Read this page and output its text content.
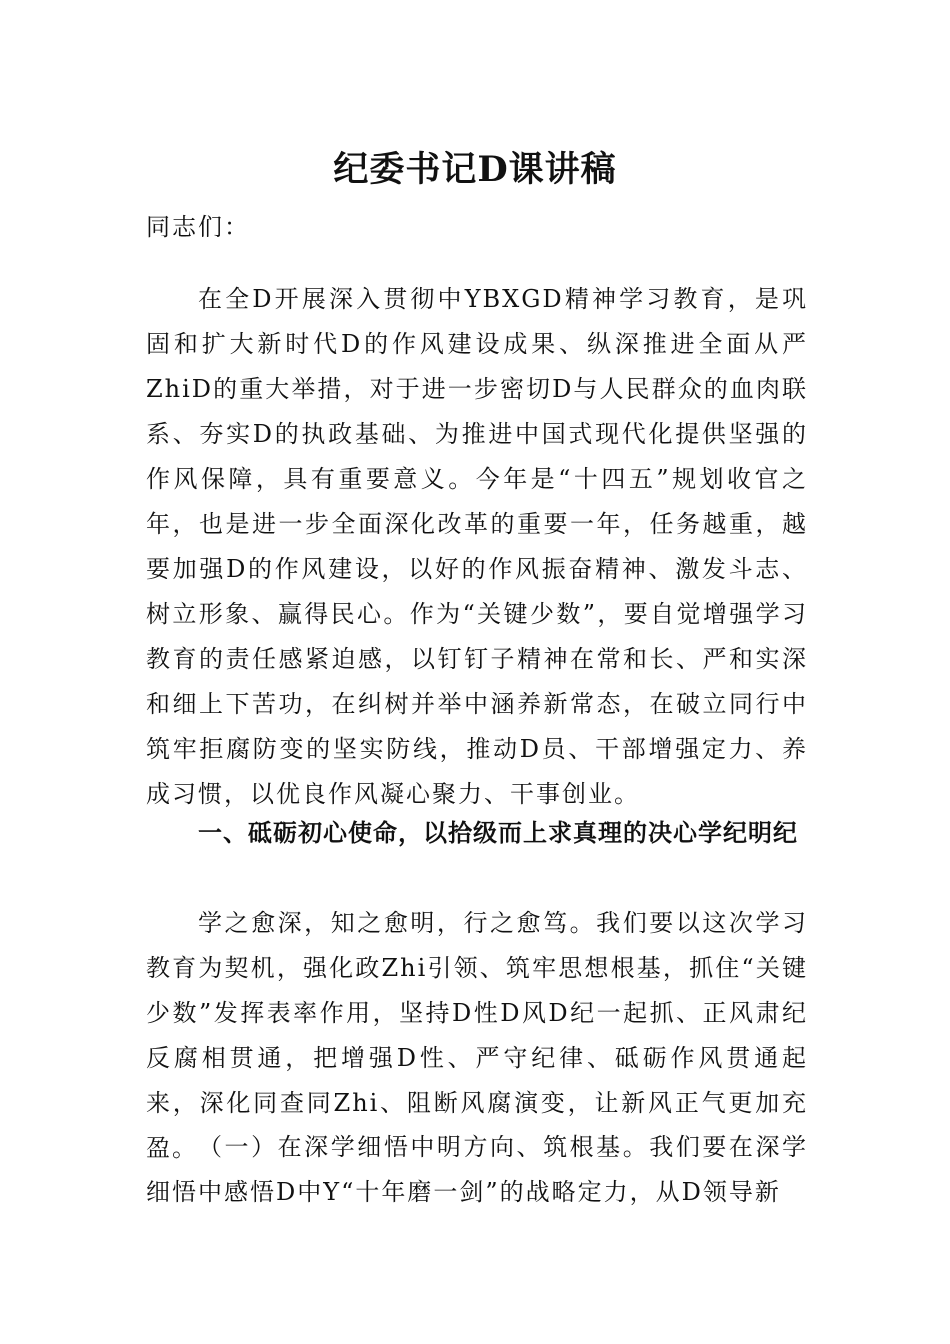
纪委书记D课讲稿

同志们：

在全D开展深入贯彻中YBXGD精神学习教育，是巩固和扩大新时代D的作风建设成果、纵深推进全面从严ZhiD的重大举措，对于进一步密切D与人民群众的血肉联系、夯实D的执政基础、为推进中国式现代化提供坚强的作风保障，具有重要意义。今年是“十四五”规划收官之年，也是进一步全面深化改革的重要一年，任务越重，越要加强D的作风建设，以好的作风振奋精神、激发斗志、树立形象、赢得民心。作为“关键少数”，要自觉增强学习教育的责任感紧迫感，以钉钉子精神在常和长、严和实深和细上下苦功，在纠树并举中涵养新常态，在破立同行中筑牢拒腐防变的坚实防线，推动D员、干部增强定力、养成习惯，以优良作风凝心聚力、干事创业。

一、砥砺初心使命，以拾级而上求真理的决心学纪明纪

学之愈深，知之愈明，行之愈笃。我们要以这次学习教育为契机，强化政Zhi引领、筑牢思想根基，抓住“关键少数”发挥表率作用，坚持D性D风D纪一起抓、正风肃纪反腐相贯通，把增强D性、严守纪律、砥砺作风贯通起来，深化同查同Zhi、阻断风腐演变，让新风正气更加充盈。 （一）在深学细悟中明方向、筑根基。我们要在深学细悟中感悟D中Y“十年磨一剑”的战略定力，从D领导新
